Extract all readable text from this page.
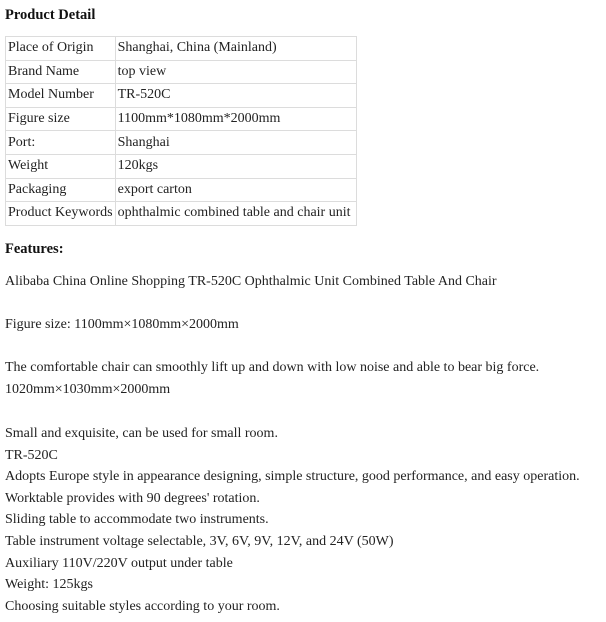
Product Detail
Place of Origin	Shanghai, China (Mainland)
Brand Name	top view
Model Number	TR-520C
Figure size	1100mm*1080mm*2000mm
Port:	Shanghai
Weight	120kgs
Packaging	export carton
Product Keywords	ophthalmic combined table and chair unit
Features:

Alibaba China Online Shopping TR-520C Ophthalmic Unit Combined Table And Chair

Figure size: 1100mm×1080mm×2000mm

The comfortable chair can smoothly lift up and down with low noise and able to bear big force.
1020mm×1030mm×2000mm
Small and exquisite, can be used for small room.
TR-520C
Adopts Europe style in appearance designing, simple structure, good performance, and easy operation.
Worktable provides with 90 degrees' rotation.
Sliding table to accommodate two instruments.
Table instrument voltage selectable, 3V, 6V, 9V, 12V, and 24V (50W)
Auxiliary 110V/220V output under table
Weight: 125kgs
Choosing suitable styles according to your room.
